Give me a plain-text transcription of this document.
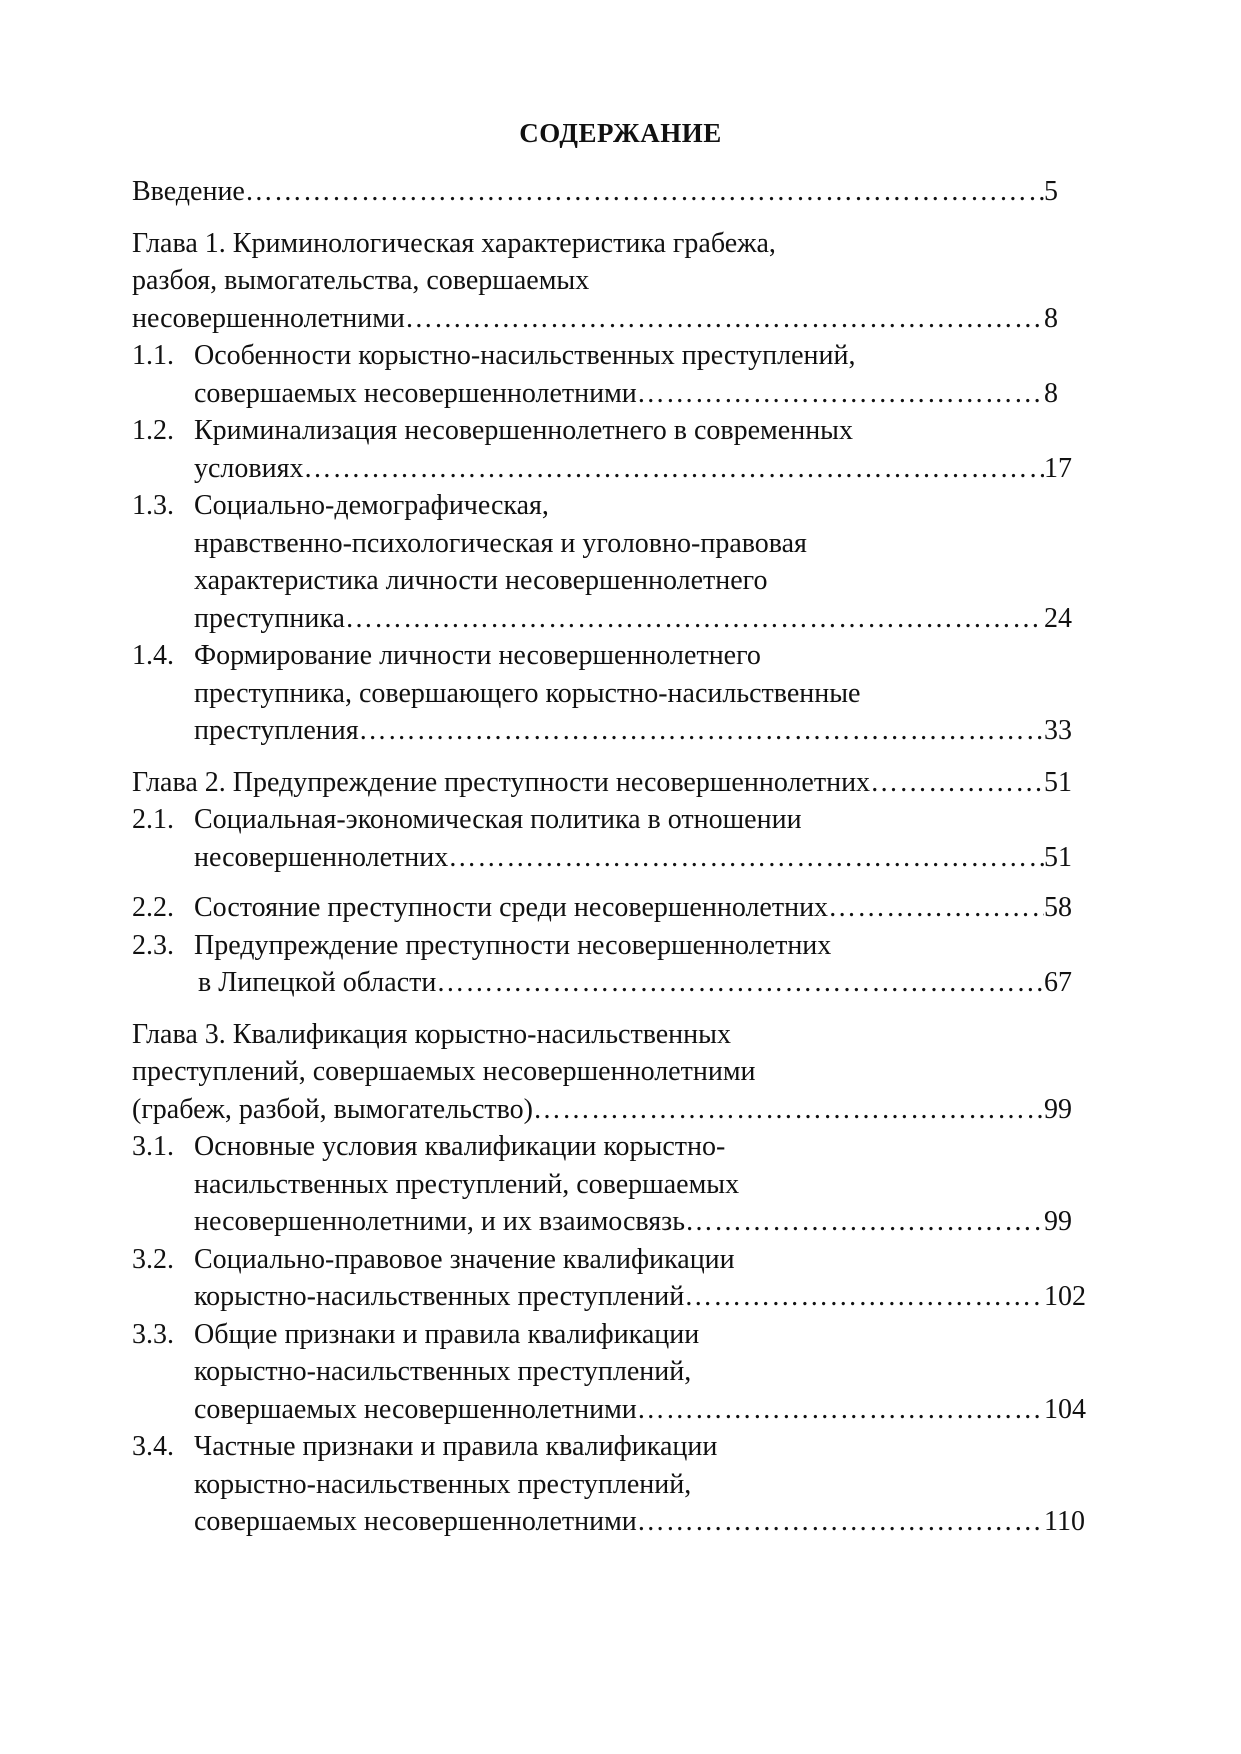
СОДЕРЖАНИЕ
Введение ……………………………………………………………………………………………………………………………………………………………………	5
Глава 1. Криминологическая характеристика грабежа,
разбоя, вымогательства, совершаемых
несовершеннолетними ……………………………………………………………………………………………………………………………………………………………………	8
1.1. Особенности корыстно-насильственных преступлений,
совершаемых несовершеннолетними ……………………………………………………………………………………………………………………………………………………………………	8
1.2. Криминализация несовершеннолетнего в современных
условиях ……………………………………………………………………………………………………………………………………………………………………	17
1.3. Социально-демографическая,
нравственно-психологическая и уголовно-правовая
характеристика личности несовершеннолетнего
преступника ……………………………………………………………………………………………………………………………………………………………………	24
1.4. Формирование личности несовершеннолетнего
преступника, совершающего корыстно-насильственные
преступления ……………………………………………………………………………………………………………………………………………………………………	33
Глава 2. Предупреждение преступности несовершеннолетних ……………………………………………………………………………………………………………………………………………………………………	51
2.1. Социальная-экономическая политика в отношении
несовершеннолетних ……………………………………………………………………………………………………………………………………………………………………	51
2.2. Состояние преступности среди несовершеннолетних ……………………………………………………………………………………………………………………………………………………………………	58
2.3. Предупреждение преступности несовершеннолетних
в Липецкой области ……………………………………………………………………………………………………………………………………………………………………	67
Глава 3. Квалификация корыстно-насильственных
преступлений, совершаемых несовершеннолетними
(грабеж, разбой, вымогательство) ……………………………………………………………………………………………………………………………………………………………………	99
3.1. Основные условия квалификации корыстно-
насильственных преступлений, совершаемых
несовершеннолетними, и их взаимосвязь ……………………………………………………………………………………………………………………………………………………………………	99
3.2. Социально-правовое значение квалификации
корыстно-насильственных преступлений ……………………………………………………………………………………………………………………………………………………………………	102
3.3. Общие признаки и правила квалификации
корыстно-насильственных преступлений,
совершаемых несовершеннолетними ……………………………………………………………………………………………………………………………………………………………………	104
3.4. Частные признаки и правила квалификации
корыстно-насильственных преступлений,
совершаемых несовершеннолетними ……………………………………………………………………………………………………………………………………………………………………	110
